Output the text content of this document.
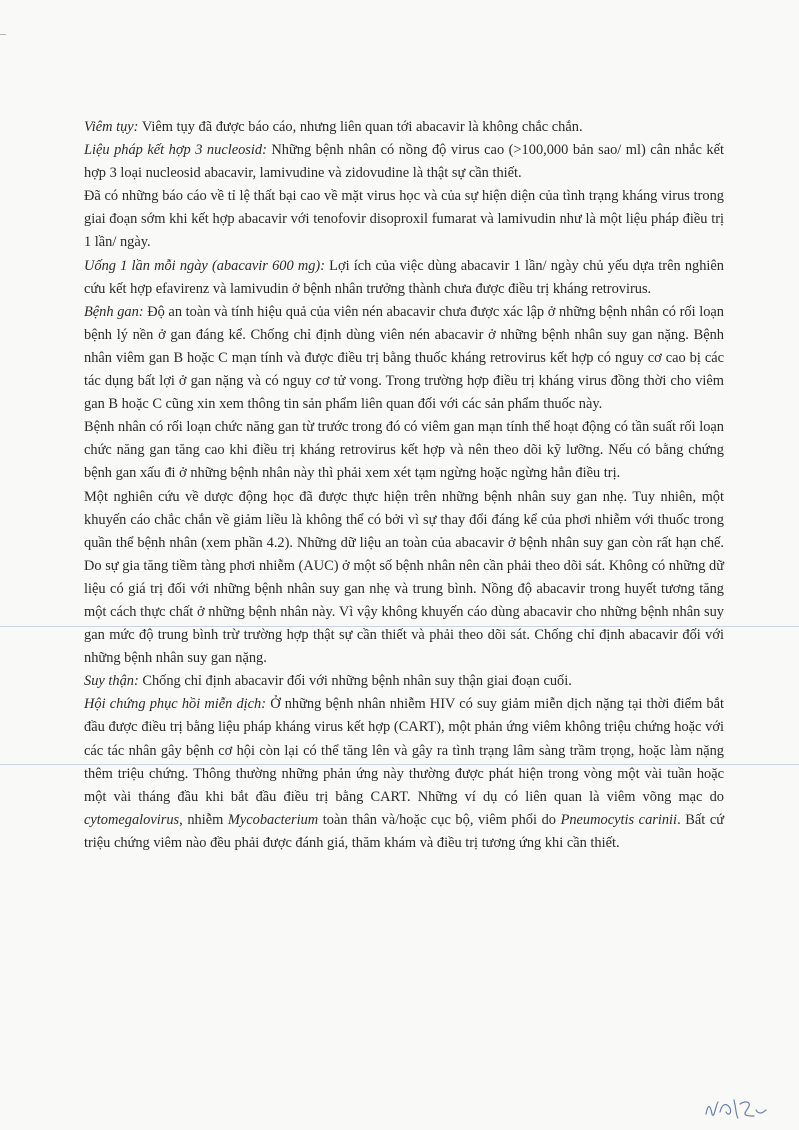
Viêm tụy: Viêm tụy đã được báo cáo, nhưng liên quan tới abacavir là không chắc chắn.

Liệu pháp kết hợp 3 nucleosid: Những bệnh nhân có nồng độ virus cao (>100,000 bản sao/ ml) cân nhắc kết hợp 3 loại nucleosid abacavir, lamivudine và zidovudine là thật sự cần thiết.

Đã có những báo cáo về tỉ lệ thất bại cao về mặt virus học và của sự hiện diện của tình trạng kháng virus trong giai đoạn sớm khi kết hợp abacavir với tenofovir disoproxil fumarat và lamivudin như là một liệu pháp điều trị 1 lần/ ngày.

Uống 1 lần mỗi ngày (abacavir 600 mg): Lợi ích của việc dùng abacavir 1 lần/ ngày chủ yếu dựa trên nghiên cứu kết hợp efavirenz và lamivudin ở bệnh nhân trưởng thành chưa được điều trị kháng retrovirus.

Bệnh gan: Độ an toàn và tính hiệu quả của viên nén abacavir chưa được xác lập ở những bệnh nhân có rối loạn bệnh lý nền ở gan đáng kể. Chống chỉ định dùng viên nén abacavir ở những bệnh nhân suy gan nặng. Bệnh nhân viêm gan B hoặc C mạn tính và được điều trị bằng thuốc kháng retrovirus kết hợp có nguy cơ cao bị các tác dụng bất lợi ở gan nặng và có nguy cơ tử vong. Trong trường hợp điều trị kháng virus đồng thời cho viêm gan B hoặc C cũng xin xem thông tin sản phẩm liên quan đối với các sản phẩm thuốc này.

Bệnh nhân có rối loạn chức năng gan từ trước trong đó có viêm gan mạn tính thể hoạt động có tần suất rối loạn chức năng gan tăng cao khi điều trị kháng retrovirus kết hợp và nên theo dõi kỹ lưỡng. Nếu có bằng chứng bệnh gan xấu đi ở những bệnh nhân này thì phải xem xét tạm ngừng hoặc ngừng hẳn điều trị.

Một nghiên cứu về dược động học đã được thực hiện trên những bệnh nhân suy gan nhẹ. Tuy nhiên, một khuyến cáo chắc chắn về giảm liều là không thể có bởi vì sự thay đổi đáng kể của phơi nhiễm với thuốc trong quần thể bệnh nhân (xem phần 4.2). Những dữ liệu an toàn của abacavir ở bệnh nhân suy gan còn rất hạn chế. Do sự gia tăng tiềm tàng phơi nhiễm (AUC) ở một số bệnh nhân nên cần phải theo dõi sát. Không có những dữ liệu có giá trị đối với những bệnh nhân suy gan nhẹ và trung bình. Nồng độ abacavir trong huyết tương tăng một cách thực chất ở những bệnh nhân này. Vì vậy không khuyến cáo dùng abacavir cho những bệnh nhân suy gan mức độ trung bình trừ trường hợp thật sự cần thiết và phải theo dõi sát. Chống chỉ định abacavir đối với những bệnh nhân suy gan nặng.

Suy thận: Chống chỉ định abacavir đối với những bệnh nhân suy thận giai đoạn cuối.

Hội chứng phục hồi miễn dịch: Ở những bệnh nhân nhiễm HIV có suy giảm miễn dịch nặng tại thời điểm bắt đầu được điều trị bằng liệu pháp kháng virus kết hợp (CART), một phản ứng viêm không triệu chứng hoặc với các tác nhân gây bệnh cơ hội còn lại có thể tăng lên và gây ra tình trạng lâm sàng trầm trọng, hoặc làm nặng thêm triệu chứng. Thông thường những phản ứng này thường được phát hiện trong vòng một vài tuần hoặc một vài tháng đầu khi bắt đầu điều trị bằng CART. Những ví dụ có liên quan là viêm võng mạc do cytomegalovirus, nhiễm Mycobacterium toàn thân và/hoặc cục bộ, viêm phổi do Pneumocytis carinii. Bất cứ triệu chứng viêm nào đều phải được đánh giá, thăm khám và điều trị tương ứng khi cần thiết.
